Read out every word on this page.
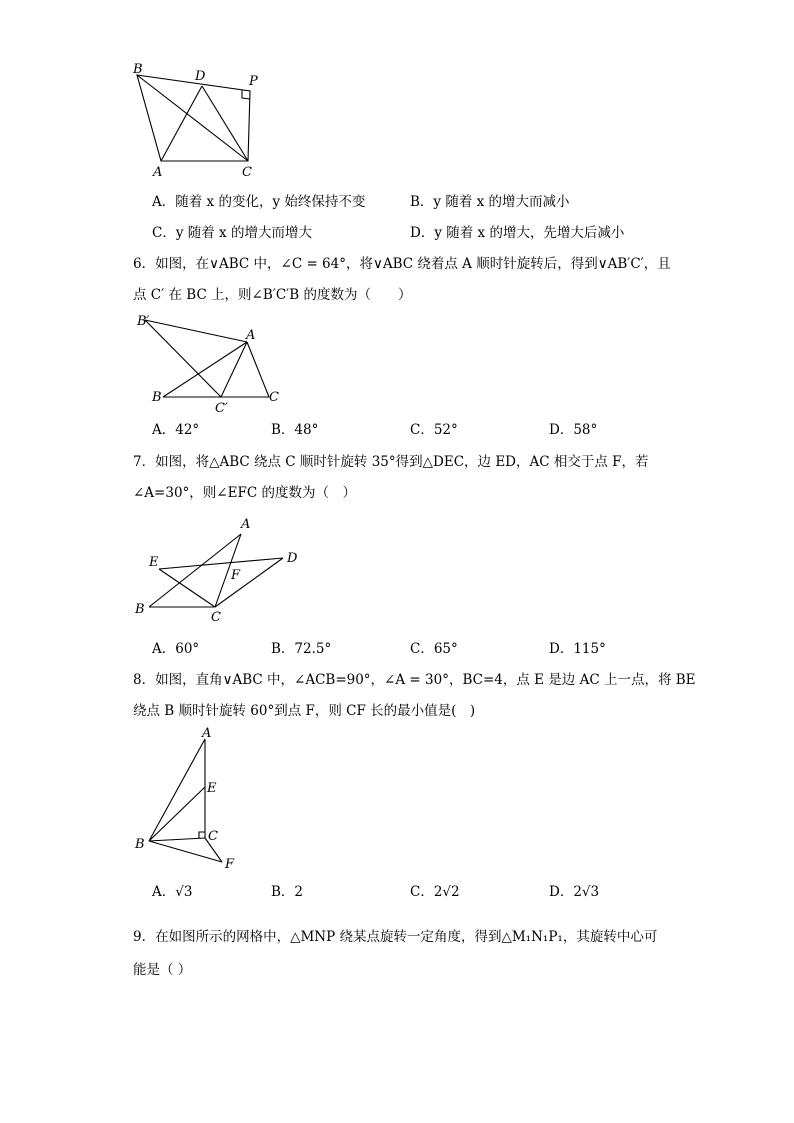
B	D	P
A	C
A．随着 x 的变化，y 始终保持不变	B．y 随着 x 的增大而减小
C．y 随着 x 的增大而增大	D．y 随着 x 的增大，先增大后减小
6．如图，在∨ABC 中，∠C = 64°，将∨ABC 绕着点 A 顺时针旋转后，得到∨AB′C′，且
点 C′ 在 BC 上，则∠B′C′B 的度数为（　　）
B′
A
B
C′
C
A．42°	B．48°	C．52°	D．58°
7．如图，将△ABC 绕点 C 顺时针旋转 35°得到△DEC，边 ED，AC 相交于点 F，若
∠A=30°，则∠EFC 的度数为（　）
A
E	D
F
B
C
A．60°	B．72.5°	C．65°	D．115°
8．如图，直角∨ABC 中，∠ACB=90°，∠A = 30°，BC=4，点 E 是边 AC 上一点，将 BE
绕点 B 顺时针旋转 60°到点 F，则 CF 长的最小值是(　)
A
E
C
B
F
A．√3	B．2	C．2√2	D．2√3
9．在如图所示的网格中，△MNP 绕某点旋转一定角度，得到△M₁N₁P₁，其旋转中心可
能是（ ）
